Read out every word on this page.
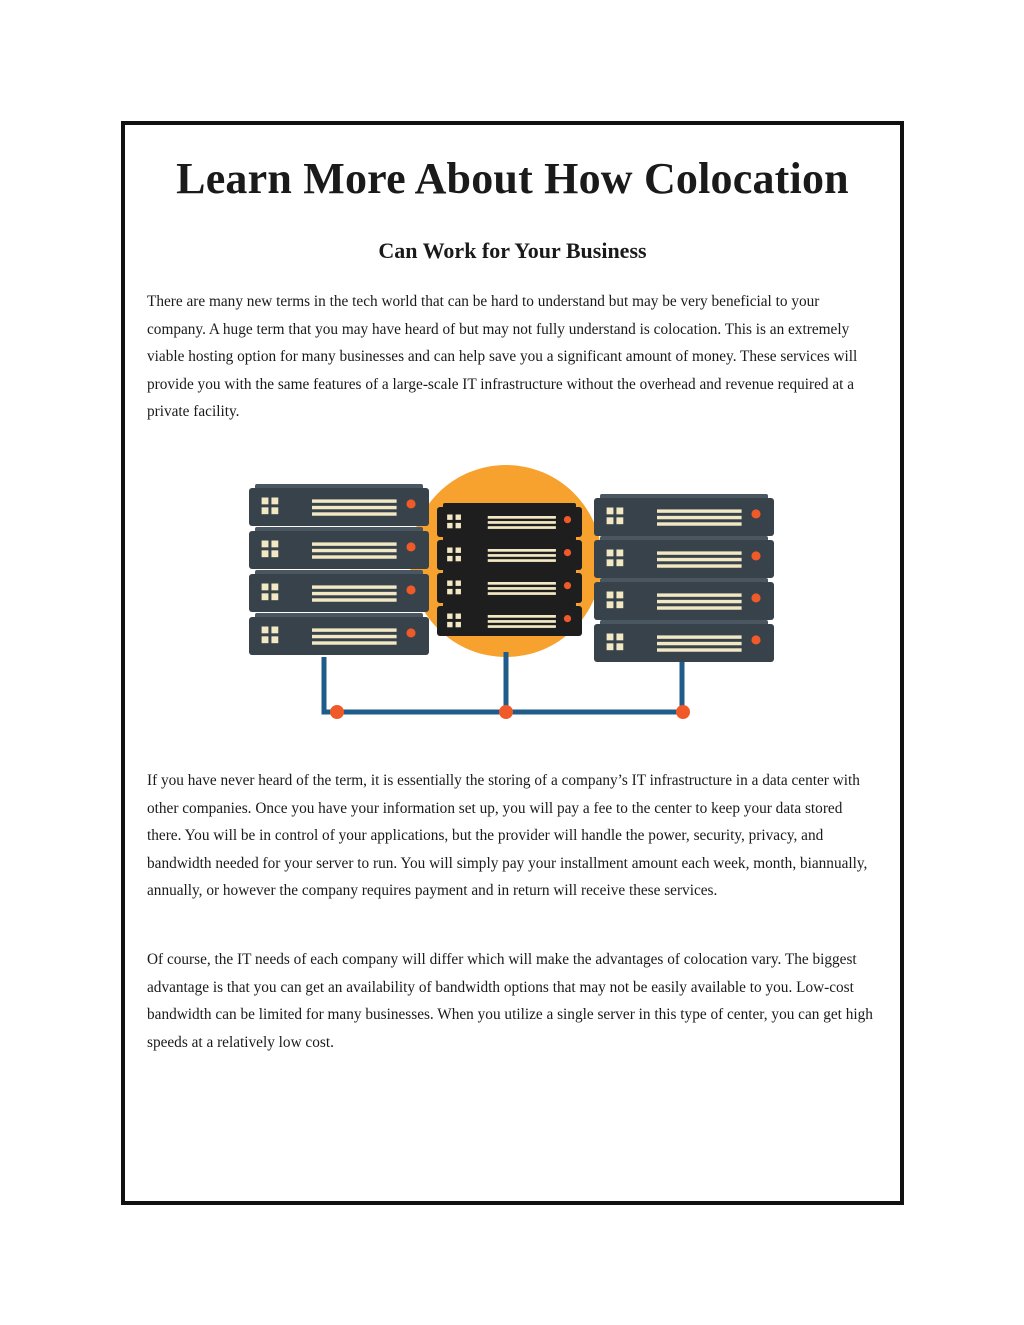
Learn More About How Colocation
Can Work for Your Business

There are many new terms in the tech world that can be hard to understand but may be very beneficial to your company. A huge term that you may have heard of but may not fully understand is colocation. This is an extremely viable hosting option for many businesses and can help save you a significant amount of money. These services will provide you with the same features of a large-scale IT infrastructure without the overhead and revenue required at a private facility.

If you have never heard of the term, it is essentially the storing of a company’s IT infrastructure in a data center with other companies. Once you have your information set up, you will pay a fee to the center to keep your data stored there. You will be in control of your applications, but the provider will handle the power, security, privacy, and bandwidth needed for your server to run. You will simply pay your installment amount each week, month, biannually, annually, or however the company requires payment and in return will receive these services.

Of course, the IT needs of each company will differ which will make the advantages of colocation vary. The biggest advantage is that you can get an availability of bandwidth options that may not be easily available to you. Low-cost bandwidth can be limited for many businesses. When you utilize a single server in this type of center, you can get high speeds at a relatively low cost.
